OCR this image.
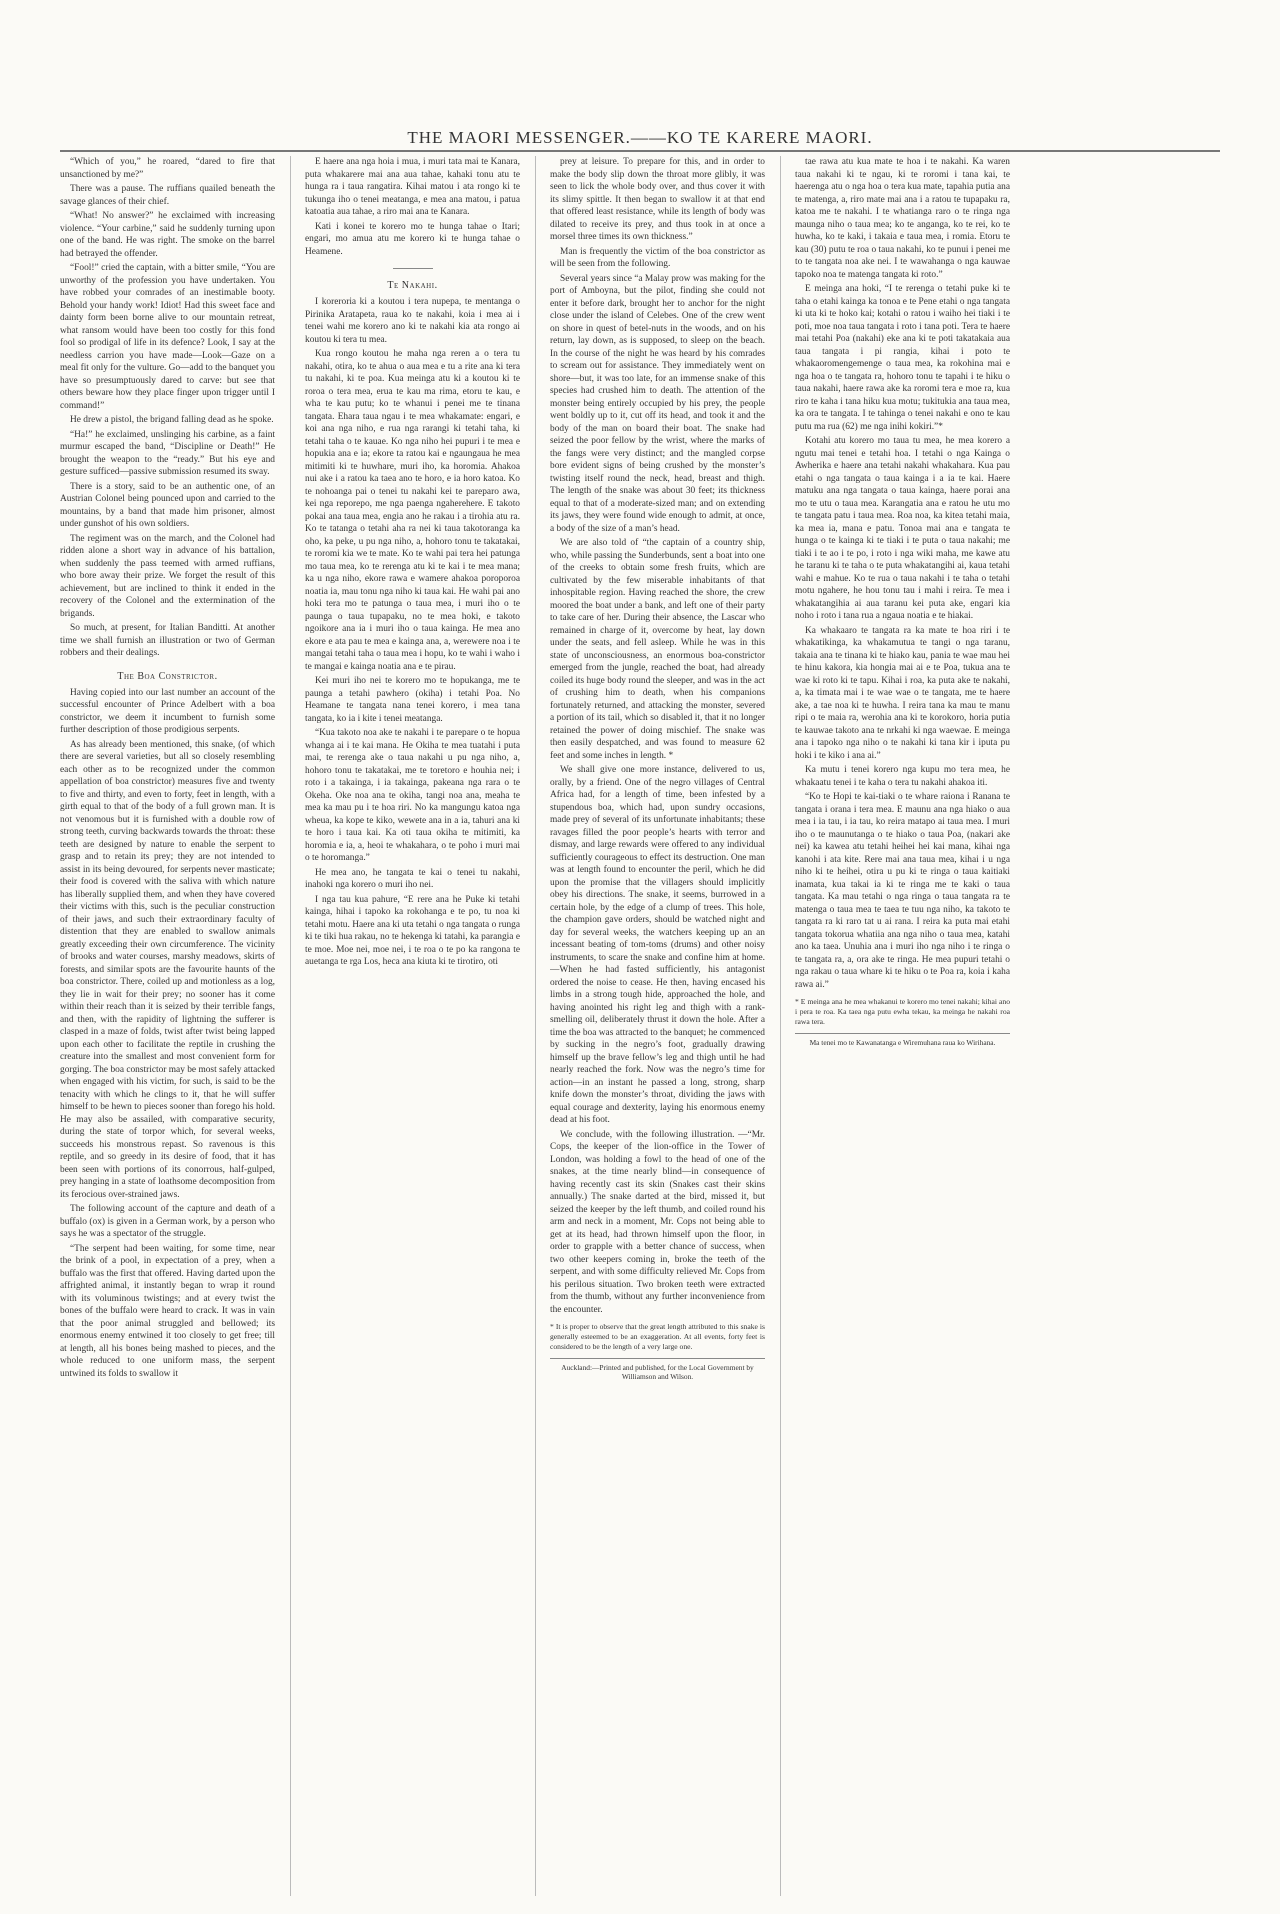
THE MAORI MESSENGER.——KO TE KARERE MAORI.

“Which of you,” he roared, “dared to fire that unsanctioned by me?”

There was a pause. The ruffians quailed beneath the savage glances of their chief.

“What! No answer?” he exclaimed with increasing violence. “Your carbine,” said he suddenly turning upon one of the band. He was right. The smoke on the barrel had betrayed the offender.

“Fool!” cried the captain, with a bitter smile, “You are unworthy of the profession you have undertaken. You have robbed your comrades of an inestimable booty. Behold your handy work! Idiot! Had this sweet face and dainty form been borne alive to our mountain retreat, what ransom would have been too costly for this fond fool so prodigal of life in its defence? Look, I say at the needless carrion you have made—Look—Gaze on a meal fit only for the vulture. Go—add to the banquet you have so presumptuously dared to carve: but see that others beware how they place finger upon trigger until I command!”

He drew a pistol, the brigand falling dead as he spoke.

“Ha!” he exclaimed, unslinging his carbine, as a faint murmur escaped the band, “Discipline or Death!” He brought the weapon to the “ready.” But his eye and gesture sufficed—passive submission resumed its sway.

There is a story, said to be an authentic one, of an Austrian Colonel being pounced upon and carried to the mountains, by a band that made him prisoner, almost under gunshot of his own soldiers.

The regiment was on the march, and the Colonel had ridden alone a short way in advance of his battalion, when suddenly the pass teemed with armed ruffians, who bore away their prize. We forget the result of this achievement, but are inclined to think it ended in the recovery of the Colonel and the extermination of the brigands.

So much, at present, for Italian Banditti. At another time we shall furnish an illustration or two of German robbers and their dealings.

The Boa Constrictor.

Having copied into our last number an account of the successful encounter of Prince Adelbert with a boa constrictor, we deem it incumbent to furnish some further description of those prodigious serpents.

As has already been mentioned, this snake, (of which there are several varieties, but all so closely resembling each other as to be recognized under the common appellation of boa constrictor) measures five and twenty to five and thirty, and even to forty, feet in length, with a girth equal to that of the body of a full grown man. It is not venomous but it is furnished with a double row of strong teeth, curving backwards towards the throat: these teeth are designed by nature to enable the serpent to grasp and to retain its prey; they are not intended to assist in its being devoured, for serpents never masticate; their food is covered with the saliva with which nature has liberally supplied them, and when they have covered their victims with this, such is the peculiar construction of their jaws, and such their extraordinary faculty of distention that they are enabled to swallow animals greatly exceeding their own circumference. The vicinity of brooks and water courses, marshy meadows, skirts of forests, and similar spots are the favourite haunts of the boa constrictor. There, coiled up and motionless as a log, they lie in wait for their prey; no sooner has it come within their reach than it is seized by their terrible fangs, and then, with the rapidity of lightning the sufferer is clasped in a maze of folds, twist after twist being lapped upon each other to facilitate the reptile in crushing the creature into the smallest and most convenient form for gorging. The boa constrictor may be most safely attacked when engaged with his victim, for such, is said to be the tenacity with which he clings to it, that he will suffer himself to be hewn to pieces sooner than forego his hold. He may also be assailed, with comparative security, during the state of torpor which, for several weeks, succeeds his monstrous repast. So ravenous is this reptile, and so greedy in its desire of food, that it has been seen with portions of its conorrous, half-gulped, prey hanging in a state of loathsome decomposition from its ferocious over-strained jaws.

The following account of the capture and death of a buffalo (ox) is given in a German work, by a person who says he was a spectator of the struggle.

“The serpent had been waiting, for some time, near the brink of a pool, in expectation of a prey, when a buffalo was the first that offered. Having darted upon the affrighted animal, it instantly began to wrap it round with its voluminous twistings; and at every twist the bones of the buffalo were heard to crack. It was in vain that the poor animal struggled and bellowed; its enormous enemy entwined it too closely to get free; till at length, all his bones being mashed to pieces, and the whole reduced to one uniform mass, the serpent untwined its folds to swallow it

E haere ana nga hoia i mua, i muri tata mai te Kanara, puta whakarere mai ana aua tahae, kahaki tonu atu te hunga ra i taua rangatira. Kihai matou i ata rongo ki te tukunga iho o tenei meatanga, e mea ana matou, i patua katoatia aua tahae, a riro mai ana te Kanara.

Kati i konei te korero mo te hunga tahae o Itari; engari, mo amua atu me korero ki te hunga tahae o Heamene.

Te Nakahi.

I koreroria ki a koutou i tera nupepa, te mentanga o Pirinika Aratapeta, raua ko te nakahi, koia i mea ai i tenei wahi me korero ano ki te nakahi kia ata rongo ai koutou ki tera tu mea.

Kua rongo koutou he maha nga reren a o tera tu nakahi, otira, ko te ahua o aua mea e tu a rite ana ki tera tu nakahi, ki te poa. Kua meinga atu ki a koutou ki te roroa o tera mea, erua te kau ma rima, etoru te kau, e wha te kau putu; ko te whanui i penei me te tinana tangata. Ehara taua ngau i te mea whakamate: engari, e koi ana nga niho, e rua nga rarangi ki tetahi taha, ki tetahi taha o te kauae. Ko nga niho hei pupuri i te mea e hopukia ana e ia; ekore ta ratou kai e ngaungaua he mea mitimiti ki te huwhare, muri iho, ka horomia. Ahakoa nui ake i a ratou ka taea ano te horo, e ia horo katoa. Ko te nohoanga pai o tenei tu nakahi kei te pareparo awa, kei nga reporepo, me nga paenga ngaherehere. E takoto pokai ana taua mea, engia ano he rakau i a tirohia atu ra. Ko te tatanga o tetahi aha ra nei ki taua takotoranga ka oho, ka peke, u pu nga niho, a, hohoro tonu te takatakai, te roromi kia we te mate. Ko te wahi pai tera hei patunga mo taua mea, ko te rerenga atu ki te kai i te mea mana; ka u nga niho, ekore rawa e wamere ahakoa poroporoa noatia ia, mau tonu nga niho ki taua kai. He wahi pai ano hoki tera mo te patunga o taua mea, i muri iho o te paunga o taua tupapaku, no te mea hoki, e takoto ngoikore ana ia i muri iho o taua kainga. He mea ano ekore e ata pau te mea e kainga ana, a, werewere noa i te mangai tetahi taha o taua mea i hopu, ko te wahi i waho i te mangai e kainga noatia ana e te pirau.

Kei muri iho nei te korero mo te hopukanga, me te paunga a tetahi pawhero (okiha) i tetahi Poa. No Heamane te tangata nana tenei korero, i mea tana tangata, ko ia i kite i tenei meatanga.

“Kua takoto noa ake te nakahi i te parepare o te hopua whanga ai i te kai mana. He Okiha te mea tuatahi i puta mai, te rerenga ake o taua nakahi u pu nga niho, a, hohoro tonu te takatakai, me te toretoro e houhia nei; i roto i a takainga, i ia takainga, pakeana nga rara o te Okeha. Oke noa ana te okiha, tangi noa ana, meaha te mea ka mau pu i te hoa riri. No ka mangungu katoa nga wheua, ka kope te kiko, wewete ana in a ia, tahuri ana ki te horo i taua kai. Ka oti taua okiha te mitimiti, ka horomia e ia, a, heoi te whakahara, o te poho i muri mai o te horomanga.”

He mea ano, he tangata te kai o tenei tu nakahi, inahoki nga korero o muri iho nei.

I nga tau kua pahure, “E rere ana he Puke ki tetahi kainga, hihai i tapoko ka rokohanga e te po, tu noa ki tetahi motu. Haere ana ki uta tetahi o nga tangata o runga ki te tiki hua rakau, no te hekenga ki tatahi, ka parangia e te moe. Moe nei, moe nei, i te roa o te po ka rangona te auetanga te rga Los, heca ana kiuta ki te tirotiro, oti

prey at leisure. To prepare for this, and in order to make the body slip down the throat more glibly, it was seen to lick the whole body over, and thus cover it with its slimy spittle. It then began to swallow it at that end that offered least resistance, while its length of body was dilated to receive its prey, and thus took in at once a morsel three times its own thickness.”

Man is frequently the victim of the boa constrictor as will be seen from the following.

Several years since “a Malay prow was making for the port of Amboyna, but the pilot, finding she could not enter it before dark, brought her to anchor for the night close under the island of Celebes. One of the crew went on shore in quest of betel-nuts in the woods, and on his return, lay down, as is supposed, to sleep on the beach. In the course of the night he was heard by his comrades to scream out for assistance. They immediately went on shore—but, it was too late, for an immense snake of this species had crushed him to death. The attention of the monster being entirely occupied by his prey, the people went boldly up to it, cut off its head, and took it and the body of the man on board their boat. The snake had seized the poor fellow by the wrist, where the marks of the fangs were very distinct; and the mangled corpse bore evident signs of being crushed by the monster’s twisting itself round the neck, head, breast and thigh. The length of the snake was about 30 feet; its thickness equal to that of a moderate-sized man; and on extending its jaws, they were found wide enough to admit, at once, a body of the size of a man’s head.

We are also told of “the captain of a country ship, who, while passing the Sunderbunds, sent a boat into one of the creeks to obtain some fresh fruits, which are cultivated by the few miserable inhabitants of that inhospitable region. Having reached the shore, the crew moored the boat under a bank, and left one of their party to take care of her. During their absence, the Lascar who remained in charge of it, overcome by heat, lay down under the seats, and fell asleep. While he was in this state of unconsciousness, an enormous boa-constrictor emerged from the jungle, reached the boat, had already coiled its huge body round the sleeper, and was in the act of crushing him to death, when his companions fortunately returned, and attacking the monster, severed a portion of its tail, which so disabled it, that it no longer retained the power of doing mischief. The snake was then easily despatched, and was found to measure 62 feet and some inches in length. *

We shall give one more instance, delivered to us, orally, by a friend. One of the negro villages of Central Africa had, for a length of time, been infested by a stupendous boa, which had, upon sundry occasions, made prey of several of its unfortunate inhabitants; these ravages filled the poor people’s hearts with terror and dismay, and large rewards were offered to any individual sufficiently courageous to effect its destruction. One man was at length found to encounter the peril, which he did upon the promise that the villagers should implicitly obey his directions. The snake, it seems, burrowed in a certain hole, by the edge of a clump of trees. This hole, the champion gave orders, should be watched night and day for several weeks, the watchers keeping up an an incessant beating of tom-toms (drums) and other noisy instruments, to scare the snake and confine him at home.—When he had fasted sufficiently, his antagonist ordered the noise to cease. He then, having encased his limbs in a strong tough hide, approached the hole, and having anointed his right leg and thigh with a rank-smelling oil, deliberately thrust it down the hole. After a time the boa was attracted to the banquet; he commenced by sucking in the negro’s foot, gradually drawing himself up the brave fellow’s leg and thigh until he had nearly reached the fork. Now was the negro’s time for action—in an instant he passed a long, strong, sharp knife down the monster’s throat, dividing the jaws with equal courage and dexterity, laying his enormous enemy dead at his foot.

We conclude, with the following illustration. —“Mr. Cops, the keeper of the lion-office in the Tower of London, was holding a fowl to the head of one of the snakes, at the time nearly blind—in consequence of having recently cast its skin (Snakes cast their skins annually.) The snake darted at the bird, missed it, but seized the keeper by the left thumb, and coiled round his arm and neck in a moment, Mr. Cops not being able to get at its head, had thrown himself upon the floor, in order to grapple with a better chance of success, when two other keepers coming in, broke the teeth of the serpent, and with some difficulty relieved Mr. Cops from his perilous situation. Two broken teeth were extracted from the thumb, without any further inconvenience from the encounter.

* It is proper to observe that the great length attributed to this snake is generally esteemed to be an exaggeration. At all events, forty feet is considered to be the length of a very large one.
Auckland:—Printed and published, for the Local Government by Williamson and Wilson.

tae rawa atu kua mate te hoa i te nakahi. Ka waren taua nakahi ki te ngau, ki te roromi i tana kai, te haerenga atu o nga hoa o tera kua mate, tapahia putia ana te matenga, a, riro mate mai ana i a ratou te tupapaku ra, katoa me te nakahi. I te whatianga raro o te ringa nga maunga niho o taua mea; ko te anganga, ko te rei, ko te huwha, ko te kaki, i takaia e taua mea, i romia. Etoru te kau (30) putu te roa o taua nakahi, ko te punui i penei me to te tangata noa ake nei. I te wawahanga o nga kauwae tapoko noa te matenga tangata ki roto.”

E meinga ana hoki, “I te rerenga o tetahi puke ki te taha o etahi kainga ka tonoa e te Pene etahi o nga tangata ki uta ki te hoko kai; kotahi o ratou i waiho hei tiaki i te poti, moe noa taua tangata i roto i tana poti. Tera te haere mai tetahi Poa (nakahi) eke ana ki te poti takatakaia aua taua tangata i pi rangia, kihai i poto te whakaoromengemenge o taua mea, ka rokohina mai e nga hoa o te tangata ra, hohoro tonu te tapahi i te hiku o taua nakahi, haere rawa ake ka roromi tera e moe ra, kua riro te kaha i tana hiku kua motu; tukitukia ana taua mea, ka ora te tangata. I te tahinga o tenei nakahi e ono te kau putu ma rua (62) me nga inihi kokiri.”*

Kotahi atu korero mo taua tu mea, he mea korero a ngutu mai tenei e tetahi hoa. I tetahi o nga Kainga o Awherika e haere ana tetahi nakahi whakahara. Kua pau etahi o nga tangata o taua kainga i a ia te kai. Haere matuku ana nga tangata o taua kainga, haere porai ana mo te utu o taua mea. Karangatia ana e ratou he utu mo te tangata patu i taua mea. Roa noa, ka kitea tetahi maia, ka mea ia, mana e patu. Tonoa mai ana e tangata te hunga o te kainga ki te tiaki i te puta o taua nakahi; me tiaki i te ao i te po, i roto i nga wiki maha, me kawe atu he taranu ki te taha o te puta whakatangihi ai, kaua tetahi wahi e mahue. Ko te rua o taua nakahi i te taha o tetahi motu ngahere, he hou tonu tau i mahi i reira. Te mea i whakatangihia ai aua taranu kei puta ake, engari kia noho i roto i tana rua a ngaua noatia e te hiakai.

Ka whakaaro te tangata ra ka mate te hoa riri i te whakatikinga, ka whakamutua te tangi o nga taranu, takaia ana te tinana ki te hiako kau, pania te wae mau hei te hinu kakora, kia hongia mai ai e te Poa, tukua ana te wae ki roto ki te tapu. Kihai i roa, ka puta ake te nakahi, a, ka timata mai i te wae wae o te tangata, me te haere ake, a tae noa ki te huwha. I reira tana ka mau te manu ripi o te maia ra, werohia ana ki te korokoro, horia putia te kauwae takoto ana te nrkahi ki nga waewae. E meinga ana i tapoko nga niho o te nakahi ki tana kir i iputa pu hoki i te kiko i ana ai.”

Ka mutu i tenei korero nga kupu mo tera mea, he whakaatu tenei i te kaha o tera tu nakahi ahakoa iti.

“Ko te Hopi te kai-tiaki o te whare raiona i Ranana te tangata i orana i tera mea. E maunu ana nga hiako o aua mea i ia tau, i ia tau, ko reira matapo ai taua mea. I muri iho o te maunutanga o te hiako o taua Poa, (nakari ake nei) ka kawea atu tetahi heihei hei kai mana, kihai nga kanohi i ata kite. Rere mai ana taua mea, kihai i u nga niho ki te heihei, otira u pu ki te ringa o taua kaitiaki inamata, kua takai ia ki te ringa me te kaki o taua tangata. Ka mau tetahi o nga ringa o taua tangata ra te matenga o taua mea te taea te tuu nga niho, ka takoto te tangata ra ki raro tat u ai rana. I reira ka puta mai etahi tangata tokorua whatiia ana nga niho o taua mea, katahi ano ka taea. Unuhia ana i muri iho nga niho i te ringa o te tangata ra, a, ora ake te ringa. He mea pupuri tetahi o nga rakau o taua whare ki te hiku o te Poa ra, koia i kaha rawa ai.”

* E meinga ana he mea whakanui te korero mo tenei nakahi; kihai ano i pera te roa. Ka taea nga putu ewha tekau, ka meinga he nakahi roa rawa tera.
Ma tenei mo te Kawanatanga e Wiremuhana raua ko Wirihana.
